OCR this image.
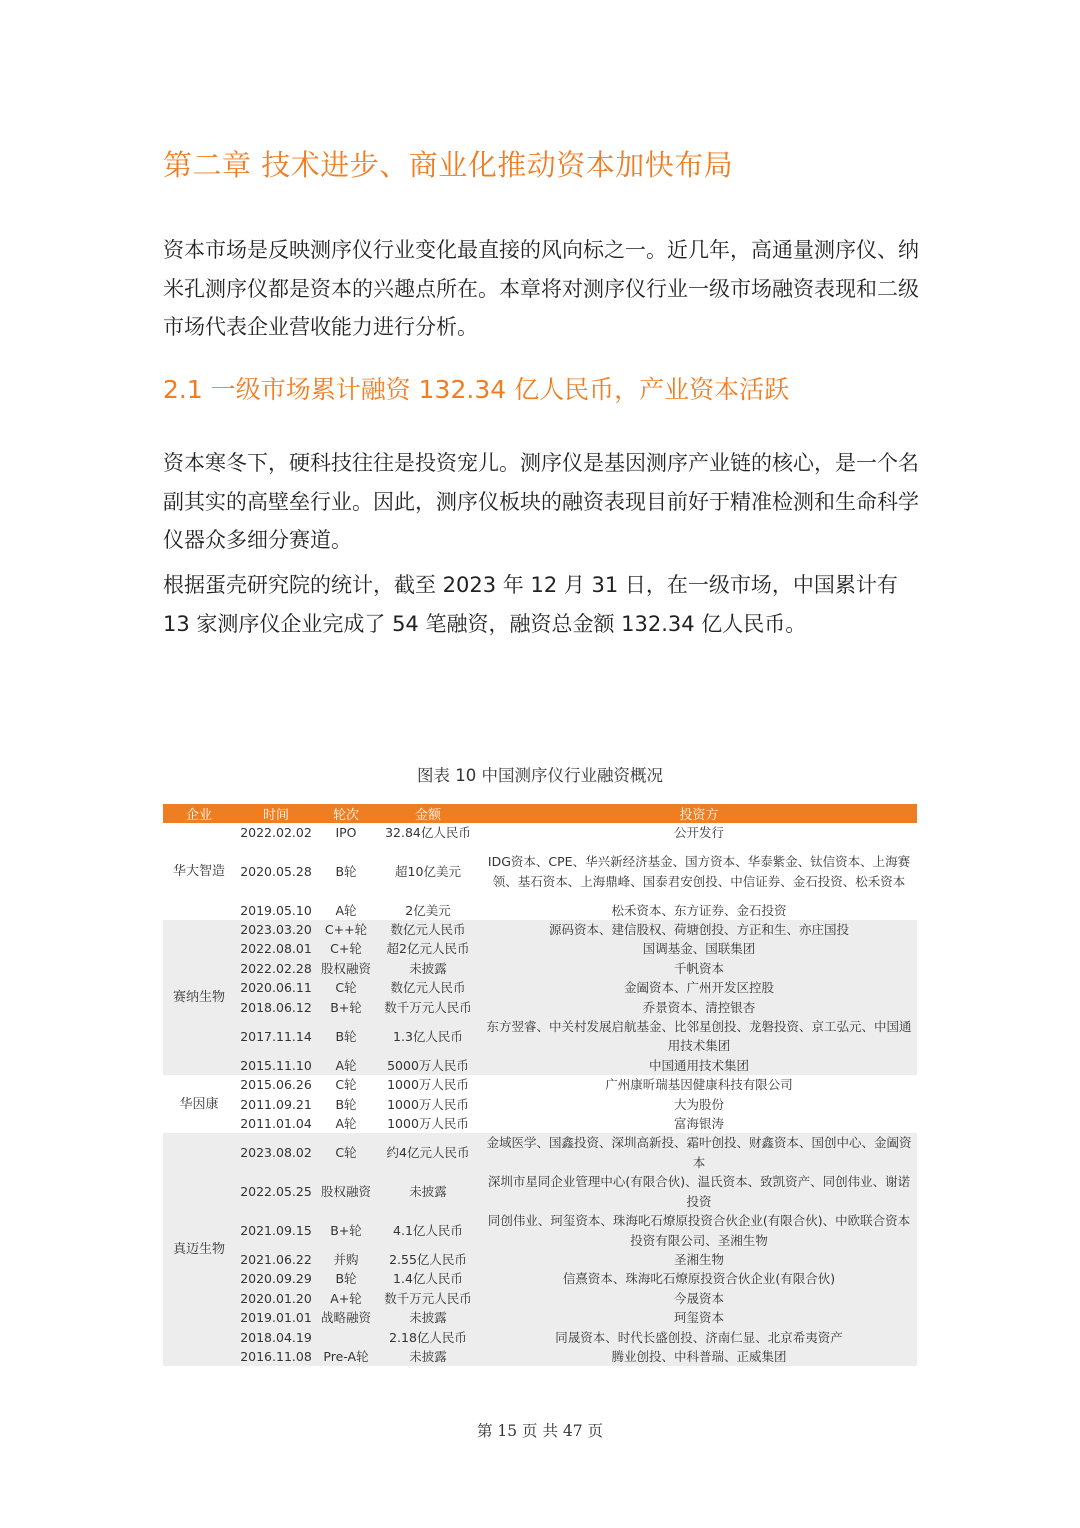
第二章 技术进步、商业化推动资本加快布局

资本市场是反映测序仪行业变化最直接的风向标之一。近几年，高通量测序仪、纳米孔测序仪都是资本的兴趣点所在。本章将对测序仪行业一级市场融资表现和二级市场代表企业营收能力进行分析。

2.1 一级市场累计融资 132.34 亿人民币，产业资本活跃

资本寒冬下，硬科技往往是投资宠儿。测序仪是基因测序产业链的核心，是一个名副其实的高壁垒行业。因此，测序仪板块的融资表现目前好于精准检测和生命科学仪器众多细分赛道。

根据蛋壳研究院的统计，截至 2023 年 12 月 31 日，在一级市场，中国累计有 13 家测序仪企业完成了 54 笔融资，融资总金额 132.34 亿人民币。

图表 10 中国测序仪行业融资概况
企业	时间	轮次	金额	投资方
华大智造	2022.02.02	IPO	32.84亿人民币	公开发行
	2020.05.28	B轮	超10亿美元	IDG资本、CPE、华兴新经济基金、国方资本、华泰紫金、钛信资本、上海赛领、基石资本、上海鼎峰、国泰君安创投、中信证券、金石投资、松禾资本
	2019.05.10	A轮	2亿美元	松禾资本、东方证券、金石投资
赛纳生物	2023.03.20	C++轮	数亿元人民币	源码资本、建信股权、荷塘创投、方正和生、亦庄国投
	2022.08.01	C+轮	超2亿元人民币	国调基金、国联集团
	2022.02.28	股权融资	未披露	千帆资本
	2020.06.11	C轮	数亿元人民币	金阖资本、广州开发区控股
	2018.06.12	B+轮	数千万元人民币	乔景资本、清控银杏
	2017.11.14	B轮	1.3亿人民币	东方翌睿、中关村发展启航基金、比邻星创投、龙磐投资、京工弘元、中国通用技术集团
	2015.11.10	A轮	5000万人民币	中国通用技术集团
华因康	2015.06.26	C轮	1000万人民币	广州康昕瑞基因健康科技有限公司
	2011.09.21	B轮	1000万人民币	大为股份
	2011.01.04	A轮	1000万人民币	富海银涛
真迈生物	2023.08.02	C轮	约4亿元人民币	金域医学、国鑫投资、深圳高新投、霜叶创投、财鑫资本、国创中心、金阖资本
	2022.05.25	股权融资	未披露	深圳市星同企业管理中心(有限合伙)、温氏资本、致凯资产、同创伟业、谢诺投资
	2021.09.15	B+轮	4.1亿人民币	同创伟业、珂玺资本、珠海叱石燎原投资合伙企业(有限合伙)、中欧联合资本投资有限公司、圣湘生物
	2021.06.22	并购	2.55亿人民币	圣湘生物
	2020.09.29	B轮	1.4亿人民币	信熹资本、珠海叱石燎原投资合伙企业(有限合伙)
	2020.01.20	A+轮	数千万元人民币	今晟资本
	2019.01.01	战略融资	未披露	珂玺资本
	2018.04.19		2.18亿人民币	同晟资本、时代长盛创投、济南仁显、北京希夷资产
	2016.11.08	Pre-A轮	未披露	腾业创投、中科普瑞、正威集团
第 15 页 共 47 页
